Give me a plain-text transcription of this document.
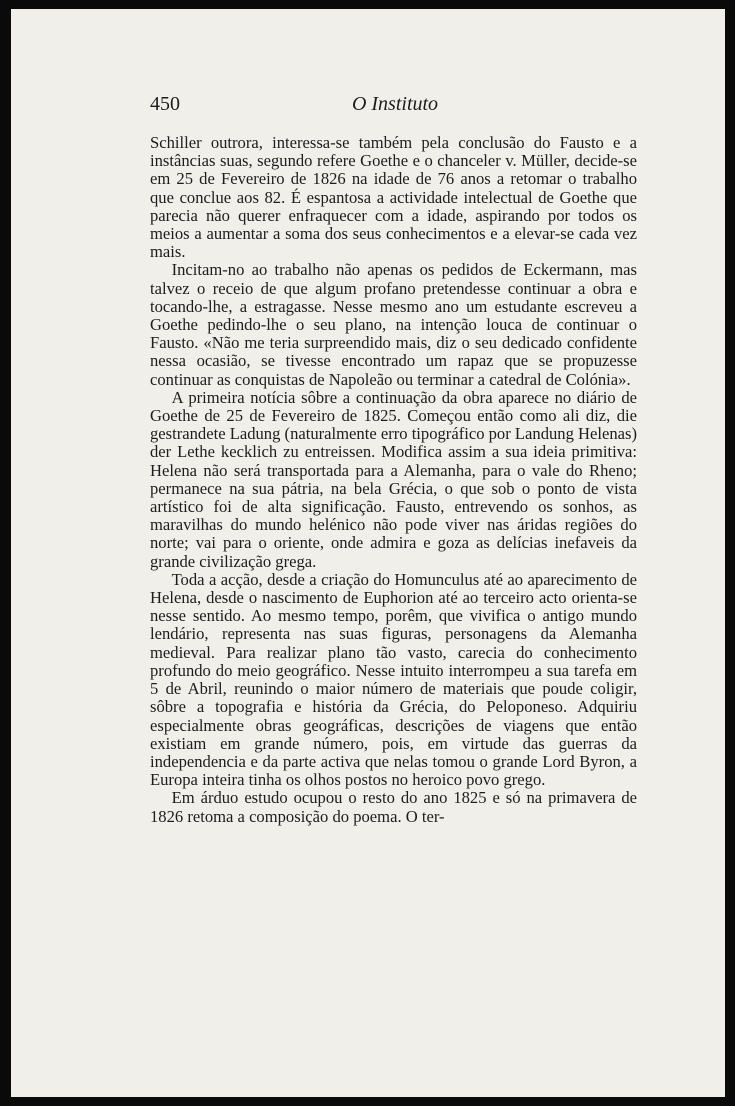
450	O Instituto

Schiller outrora, interessa-se também pela conclusão do Fausto e a instâncias suas, segundo refere Goethe e o chanceler v. Müller, decide-se em 25 de Fevereiro de 1826 na idade de 76 anos a retomar o trabalho que conclue aos 82. É espantosa a actividade intelectual de Goethe que parecia não querer enfraquecer com a idade, aspirando por todos os meios a aumentar a soma dos seus conhecimentos e a elevar-se cada vez mais.

Incitam-no ao trabalho não apenas os pedidos de Eckermann, mas talvez o receio de que algum profano pretendesse continuar a obra e tocando-lhe, a estragasse. Nesse mesmo ano um estudante escreveu a Goethe pedindo-lhe o seu plano, na intenção louca de continuar o Fausto. «Não me teria surpreendido mais, diz o seu dedicado confidente nessa ocasião, se tivesse encontrado um rapaz que se propuzesse continuar as conquistas de Napoleão ou terminar a catedral de Colónia».

A primeira notícia sôbre a continuação da obra aparece no diário de Goethe de 25 de Fevereiro de 1825. Começou então como ali diz, die gestrandete Ladung (naturalmente erro tipográfico por Landung Helenas) der Lethe kecklich zu entreissen. Modifica assim a sua ideia primitiva: Helena não será transportada para a Alemanha, para o vale do Rheno; permanece na sua pátria, na bela Grécia, o que sob o ponto de vista artístico foi de alta significação. Fausto, entrevendo os sonhos, as maravilhas do mundo helénico não pode viver nas áridas regiões do norte; vai para o oriente, onde admira e goza as delícias inefaveis da grande civilização grega.

Toda a acção, desde a criação do Homunculus até ao aparecimento de Helena, desde o nascimento de Euphorion até ao terceiro acto orienta-se nesse sentido. Ao mesmo tempo, porêm, que vivifica o antigo mundo lendário, representa nas suas figuras, personagens da Alemanha medieval. Para realizar plano tão vasto, carecia do conhecimento profundo do meio geográfico. Nesse intuito interrompeu a sua tarefa em 5 de Abril, reunindo o maior número de materiais que poude coligir, sôbre a topografia e história da Grécia, do Peloponeso. Adquiriu especialmente obras geográficas, descrições de viagens que então existiam em grande número, pois, em virtude das guerras da independencia e da parte activa que nelas tomou o grande Lord Byron, a Europa inteira tinha os olhos postos no heroico povo grego.

Em árduo estudo ocupou o resto do ano 1825 e só na primavera de 1826 retoma a composição do poema. O ter-
